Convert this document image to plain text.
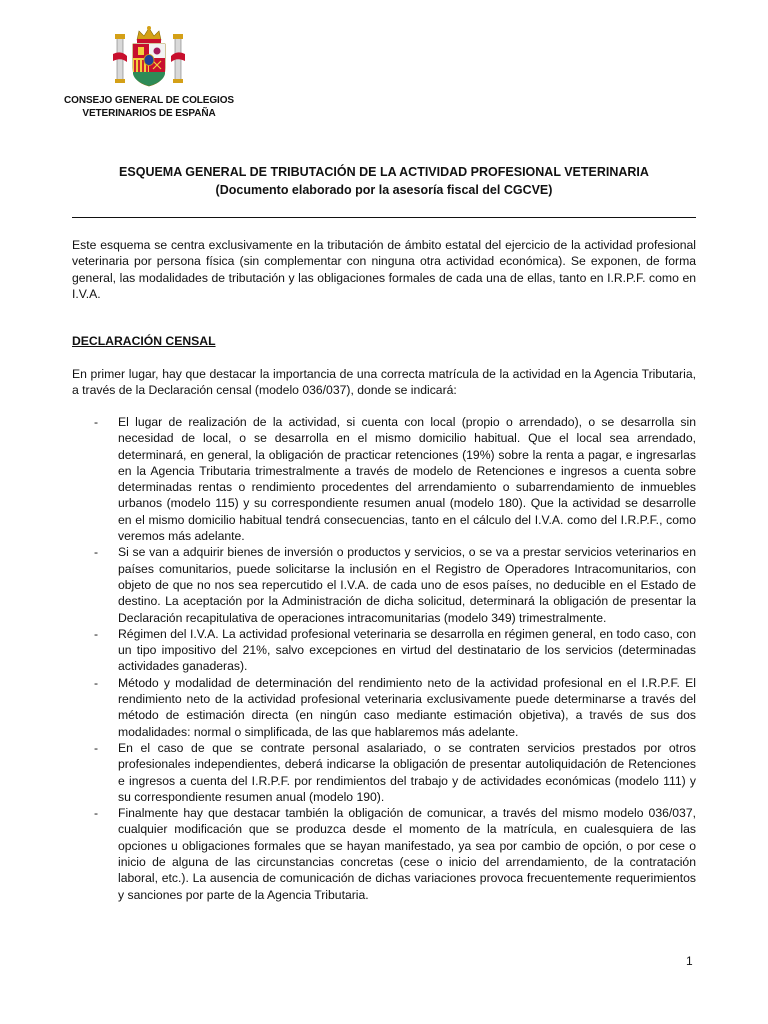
CONSEJO GENERAL DE COLEGIOS
VETERINARIOS DE ESPAÑA
ESQUEMA GENERAL DE TRIBUTACIÓN DE LA ACTIVIDAD PROFESIONAL VETERINARIA
(Documento elaborado por la asesoría fiscal del CGCVE)

Este esquema se centra exclusivamente en la tributación de ámbito estatal del ejercicio de la actividad profesional veterinaria por persona física (sin complementar con ninguna otra actividad económica). Se exponen, de forma general, las modalidades de tributación y las obligaciones formales de cada una de ellas, tanto en I.R.P.F. como en I.V.A.

DECLARACIÓN CENSAL

En primer lugar, hay que destacar la importancia de una correcta matrícula de la actividad en la Agencia Tributaria, a través de la Declaración censal (modelo 036/037), donde se indicará:

- El lugar de realización de la actividad, si cuenta con local (propio o arrendado), o se desarrolla sin necesidad de local, o se desarrolla en el mismo domicilio habitual. Que el local sea arrendado, determinará, en general, la obligación de practicar retenciones (19%) sobre la renta a pagar, e ingresarlas en la Agencia Tributaria trimestralmente a través de modelo de Retenciones e ingresos a cuenta sobre determinadas rentas o rendimiento procedentes del arrendamiento o subarrendamiento de inmuebles urbanos (modelo 115) y su correspondiente resumen anual (modelo 180). Que la actividad se desarrolle en el mismo domicilio habitual tendrá consecuencias, tanto en el cálculo del I.V.A. como del I.R.P.F., como veremos más adelante.
- Si se van a adquirir bienes de inversión o productos y servicios, o se va a prestar servicios veterinarios en países comunitarios, puede solicitarse la inclusión en el Registro de Operadores Intracomunitarios, con objeto de que no nos sea repercutido el I.V.A. de cada uno de esos países, no deducible en el Estado de destino. La aceptación por la Administración de dicha solicitud, determinará la obligación de presentar la Declaración recapitulativa de operaciones intracomunitarias (modelo 349) trimestralmente.
- Régimen del I.V.A. La actividad profesional veterinaria se desarrolla en régimen general, en todo caso, con un tipo impositivo del 21%, salvo excepciones en virtud del destinatario de los servicios (determinadas actividades ganaderas).
- Método y modalidad de determinación del rendimiento neto de la actividad profesional en el I.R.P.F. El rendimiento neto de la actividad profesional veterinaria exclusivamente puede determinarse a través del método de estimación directa (en ningún caso mediante estimación objetiva), a través de sus dos modalidades: normal o simplificada, de las que hablaremos más adelante.
- En el caso de que se contrate personal asalariado, o se contraten servicios prestados por otros profesionales independientes, deberá indicarse la obligación de presentar autoliquidación de Retenciones e ingresos a cuenta del I.R.P.F. por rendimientos del trabajo y de actividades económicas (modelo 111) y su correspondiente resumen anual (modelo 190).
- Finalmente hay que destacar también la obligación de comunicar, a través del mismo modelo 036/037, cualquier modificación que se produzca desde el momento de la matrícula, en cualesquiera de las opciones u obligaciones formales que se hayan manifestado, ya sea por cambio de opción, o por cese o inicio de alguna de las circunstancias concretas (cese o inicio del arrendamiento, de la contratación laboral, etc.). La ausencia de comunicación de dichas variaciones provoca frecuentemente requerimientos y sanciones por parte de la Agencia Tributaria.
1
